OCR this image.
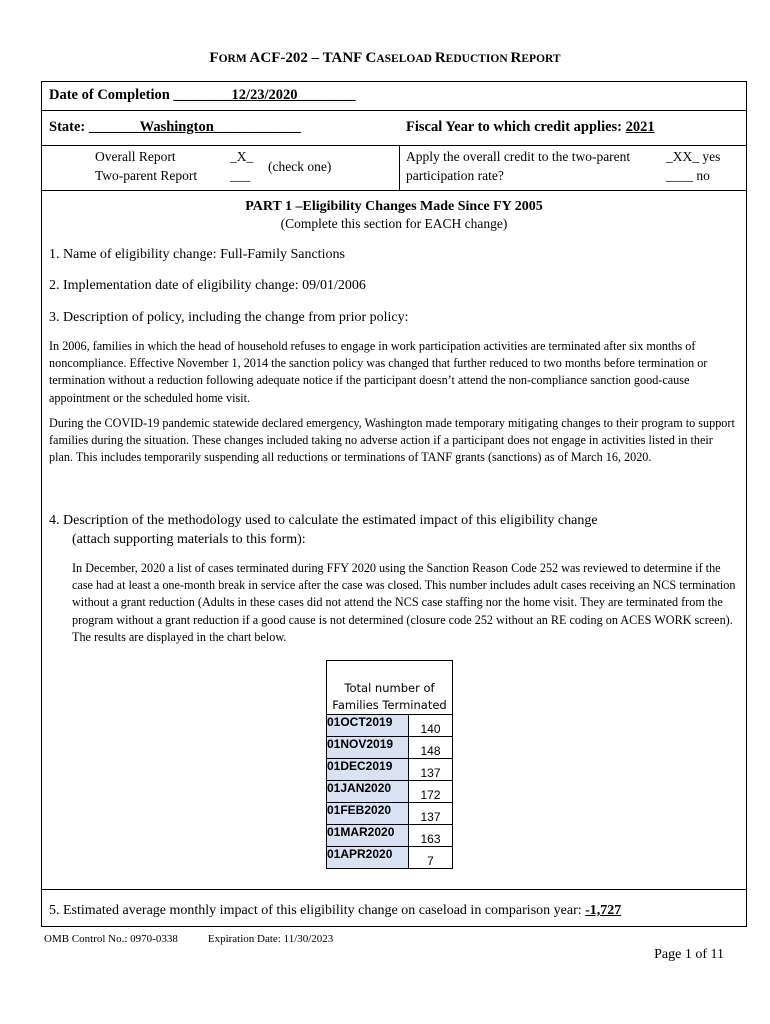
FORM ACF-202 – TANF CASELOAD REDUCTION REPORT
Date of Completion ________12/23/2020________
State: _______Washington____________	Fiscal Year to which credit applies: 2021
Overall Report	_X_
Two-parent Report ___
(check one)
Apply the overall credit to the two-parent
participation rate?
_XX_ yes
____ no
PART 1 –Eligibility Changes Made Since FY 2005
(Complete this section for EACH change)
1. Name of eligibility change: Full-Family Sanctions
2. Implementation date of eligibility change: 09/01/2006
3. Description of policy, including the change from prior policy:
In 2006, families in which the head of household refuses to engage in work participation activities are terminated after six months of noncompliance. Effective November 1, 2014 the sanction policy was changed that further reduced to two months before termination or termination without a reduction following adequate notice if the participant doesn’t attend the non-compliance sanction good-cause appointment or the scheduled home visit.
During the COVID-19 pandemic statewide declared emergency, Washington made temporary mitigating changes to their program to support families during the situation. These changes included taking no adverse action if a participant does not engage in activities listed in their plan. This includes temporarily suspending all reductions or terminations of TANF grants (sanctions) as of March 16, 2020.
4. Description of the methodology used to calculate the estimated impact of this eligibility change
(attach supporting materials to this form):
In December, 2020 a list of cases terminated during FFY 2020 using the Sanction Reason Code 252 was reviewed to determine if the case had at least a one-month break in service after the case was closed. This number includes adult cases receiving an NCS termination without a grant reduction (Adults in these cases did not attend the NCS case staffing nor the home visit. They are terminated from the program without a grant reduction if a good cause is not determined (closure code 252 without an RE coding on ACES WORK screen). The results are displayed in the chart below.
Total number of
Families Terminated	
01OCT2019	140
01NOV2019	148
01DEC2019	137
01JAN2020	172
01FEB2020	137
01MAR2020	163
01APR2020	7
5. Estimated average monthly impact of this eligibility change on caseload in comparison year: -1,727
OMB Control No.: 0970-0338	Expiration Date: 11/30/2023
Page 1 of 11
